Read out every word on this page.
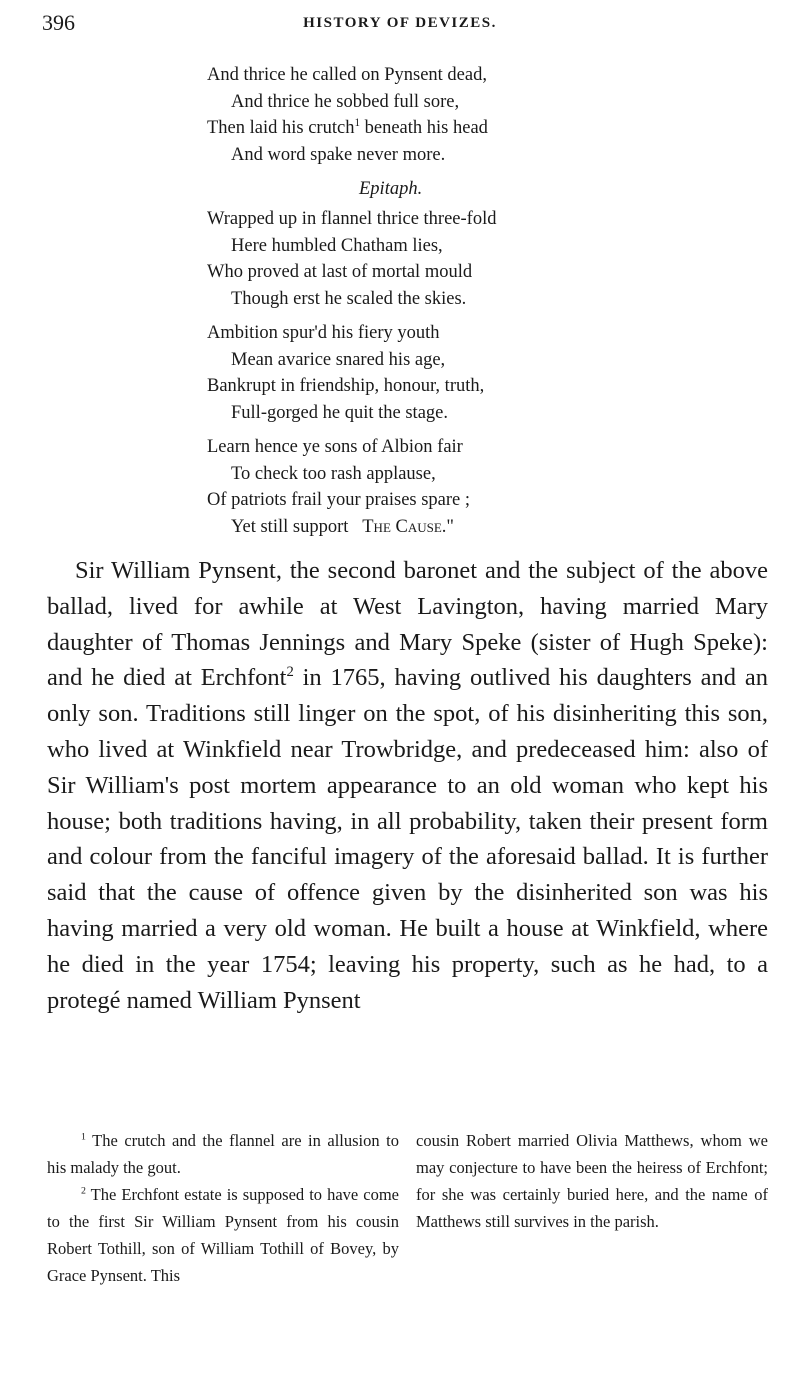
396	HISTORY OF DEVIZES.
And thrice he called on Pynsent dead,
And thrice he sobbed full sore,
Then laid his crutch$^1$ beneath his head
And word spake never more.
Epitaph.
Wrapped up in flannel thrice three-fold
Here humbled Chatham lies,
Who proved at last of mortal mould
Though erst he scaled the skies.
Ambition spur'd his fiery youth
Mean avarice snared his age,
Bankrupt in friendship, honour, truth,
Full-gorged he quit the stage.
Learn hence ye sons of Albion fair
To check too rash applause,
Of patriots frail your praises spare ;
Yet still support The Cause."

Sir William Pynsent, the second baronet and the subject of the above ballad, lived for awhile at West Lavington, having married Mary daughter of Thomas Jennings and Mary Speke (sister of Hugh Speke): and he died at Erchfont$^2$ in 1765, having outlived his daughters and an only son. Traditions still linger on the spot, of his disinheriting this son, who lived at Winkfield near Trowbridge, and predeceased him: also of Sir William's post mortem appearance to an old woman who kept his house; both traditions having, in all probability, taken their present form and colour from the fanciful imagery of the aforesaid ballad. It is further said that the cause of offence given by the disinherited son was his having married a very old woman. He built a house at Winkfield, where he died in the year 1754; leaving his property, such as he had, to a protegé named William Pynsent

$^1$ The crutch and the flannel are in allusion to his malady the gout.

$^2$ The Erchfont estate is supposed to have come to the first Sir William Pynsent from his cousin Robert Tothill, son of William Tothill of Bovey, by Grace Pynsent. This

cousin Robert married Olivia Matthews, whom we may conjecture to have been the heiress of Erchfont; for she was certainly buried here, and the name of Matthews still survives in the parish.
